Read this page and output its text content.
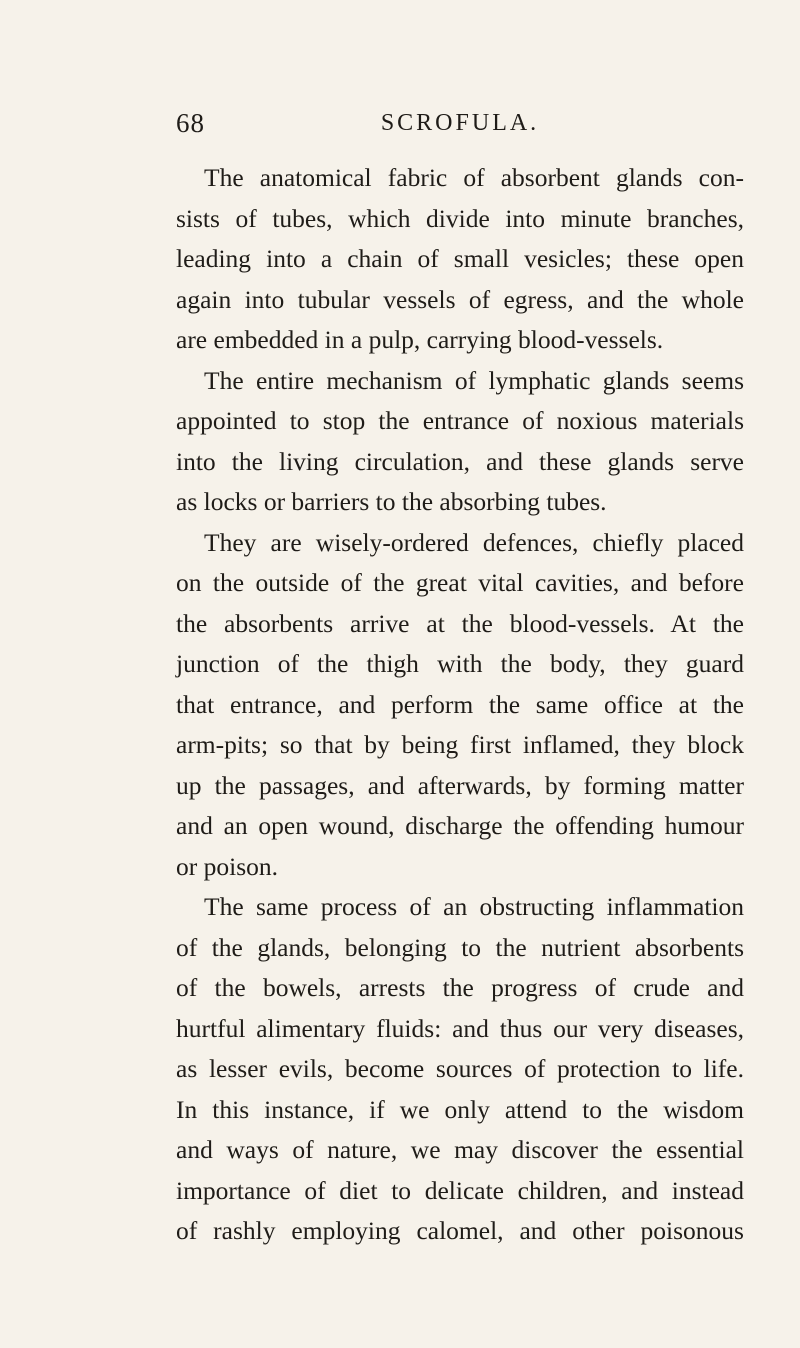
68	SCROFULA.
The anatomical fabric of absorbent glands con-
sists of tubes, which divide into minute branches,
leading into a chain of small vesicles; these open
again into tubular vessels of egress, and the whole
are embedded in a pulp, carrying blood-vessels.
The entire mechanism of lymphatic glands seems
appointed to stop the entrance of noxious materials
into the living circulation, and these glands serve
as locks or barriers to the absorbing tubes.
They are wisely-ordered defences, chiefly placed
on the outside of the great vital cavities, and before
the absorbents arrive at the blood-vessels. At the
junction of the thigh with the body, they guard
that entrance, and perform the same office at the
arm-pits; so that by being first inflamed, they block
up the passages, and afterwards, by forming matter
and an open wound, discharge the offending humour
or poison.
The same process of an obstructing inflammation
of the glands, belonging to the nutrient absorbents
of the bowels, arrests the progress of crude and
hurtful alimentary fluids: and thus our very diseases,
as lesser evils, become sources of protection to life.
In this instance, if we only attend to the wisdom
and ways of nature, we may discover the essential
importance of diet to delicate children, and instead
of rashly employing calomel, and other poisonous
